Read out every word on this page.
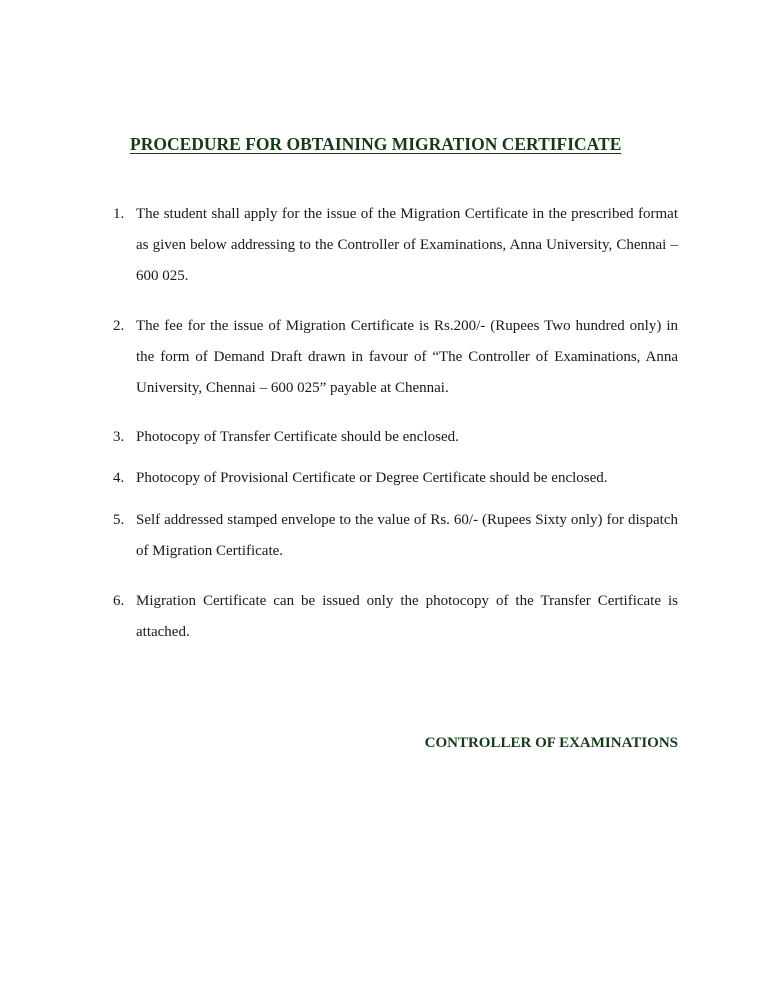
PROCEDURE FOR OBTAINING MIGRATION CERTIFICATE
1. The student shall apply for the issue of the Migration Certificate in the prescribed format as given below addressing to the Controller of Examinations, Anna University, Chennai – 600 025.
2. The fee for the issue of Migration Certificate is Rs.200/- (Rupees Two hundred only) in the form of Demand Draft drawn in favour of “The Controller of Examinations, Anna University, Chennai – 600 025” payable at Chennai.
3. Photocopy of Transfer Certificate should be enclosed.
4. Photocopy of Provisional Certificate or Degree Certificate should be enclosed.
5. Self addressed stamped envelope to the value of Rs. 60/- (Rupees Sixty only) for dispatch of Migration Certificate.
6. Migration Certificate can be issued only the photocopy of the Transfer Certificate is attached.
CONTROLLER OF EXAMINATIONS
